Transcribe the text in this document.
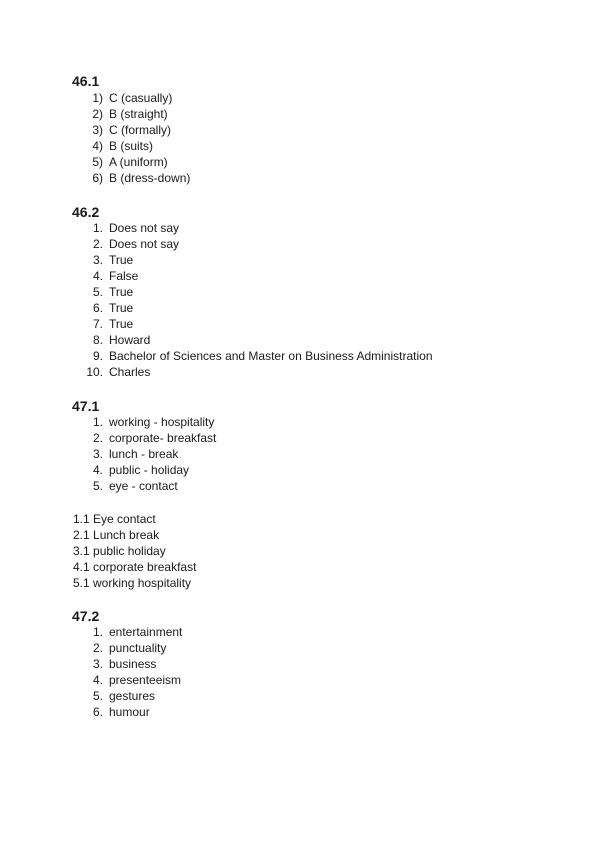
46.1
1) C (casually)
2) B (straight)
3) C (formally)
4) B (suits)
5) A (uniform)
6) B (dress-down)
46.2
1. Does not say
2. Does not say
3. True
4. False
5. True
6. True
7. True
8. Howard
9. Bachelor of Sciences and Master on Business Administration
10. Charles
47.1
1. working - hospitality
2. corporate- breakfast
3. lunch - break
4. public - holiday
5. eye - contact
1.1 Eye contact
2.1 Lunch break
3.1 public holiday
4.1 corporate breakfast
5.1 working hospitality
47.2
1. entertainment
2. punctuality
3. business
4. presenteeism
5. gestures
6. humour
